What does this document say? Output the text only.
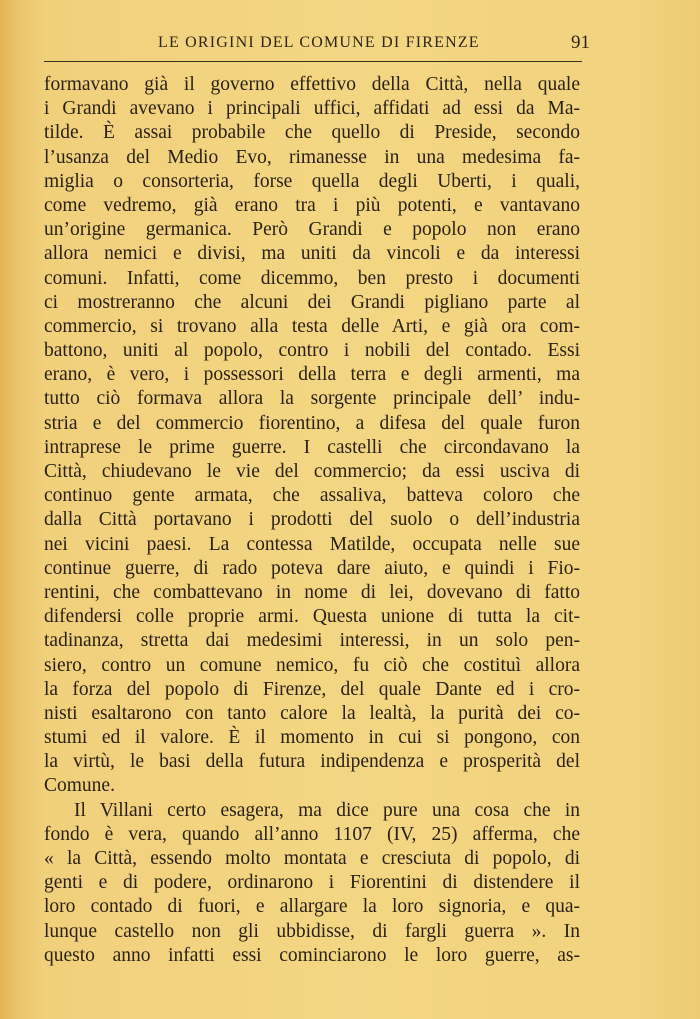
LE ORIGINI DEL COMUNE DI FIRENZE	91
formavano già il governo effettivo della Città, nella quale
i Grandi avevano i principali uffici, affidati ad essi da Ma-
tilde. È assai probabile che quello di Preside, secondo
l’usanza del Medio Evo, rimanesse in una medesima fa-
miglia o consorteria, forse quella degli Uberti, i quali,
come vedremo, già erano tra i più potenti, e vantavano
un’origine germanica. Però Grandi e popolo non erano
allora nemici e divisi, ma uniti da vincoli e da interessi
comuni. Infatti, come dicemmo, ben presto i documenti
ci mostreranno che alcuni dei Grandi pigliano parte al
commercio, si trovano alla testa delle Arti, e già ora com-
battono, uniti al popolo, contro i nobili del contado. Essi
erano, è vero, i possessori della terra e degli armenti, ma
tutto ciò formava allora la sorgente principale dell’ indu-
stria e del commercio fiorentino, a difesa del quale furon
intraprese le prime guerre. I castelli che circondavano la
Città, chiudevano le vie del commercio; da essi usciva di
continuo gente armata, che assaliva, batteva coloro che
dalla Città portavano i prodotti del suolo o dell’industria
nei vicini paesi. La contessa Matilde, occupata nelle sue
continue guerre, di rado poteva dare aiuto, e quindi i Fio-
rentini, che combattevano in nome di lei, dovevano di fatto
difendersi colle proprie armi. Questa unione di tutta la cit-
tadinanza, stretta dai medesimi interessi, in un solo pen-
siero, contro un comune nemico, fu ciò che costituì allora
la forza del popolo di Firenze, del quale Dante ed i cro-
nisti esaltarono con tanto calore la lealtà, la purità dei co-
stumi ed il valore. È il momento in cui si pongono, con
la virtù, le basi della futura indipendenza e prosperità del
Comune.
Il Villani certo esagera, ma dice pure una cosa che in
fondo è vera, quando all’anno 1107 (IV, 25) afferma, che
« la Città, essendo molto montata e cresciuta di popolo, di
genti e di podere, ordinarono i Fiorentini di distendere il
loro contado di fuori, e allargare la loro signoria, e qua-
lunque castello non gli ubbidisse, di fargli guerra ». In
questo anno infatti essi cominciarono le loro guerre, as-
